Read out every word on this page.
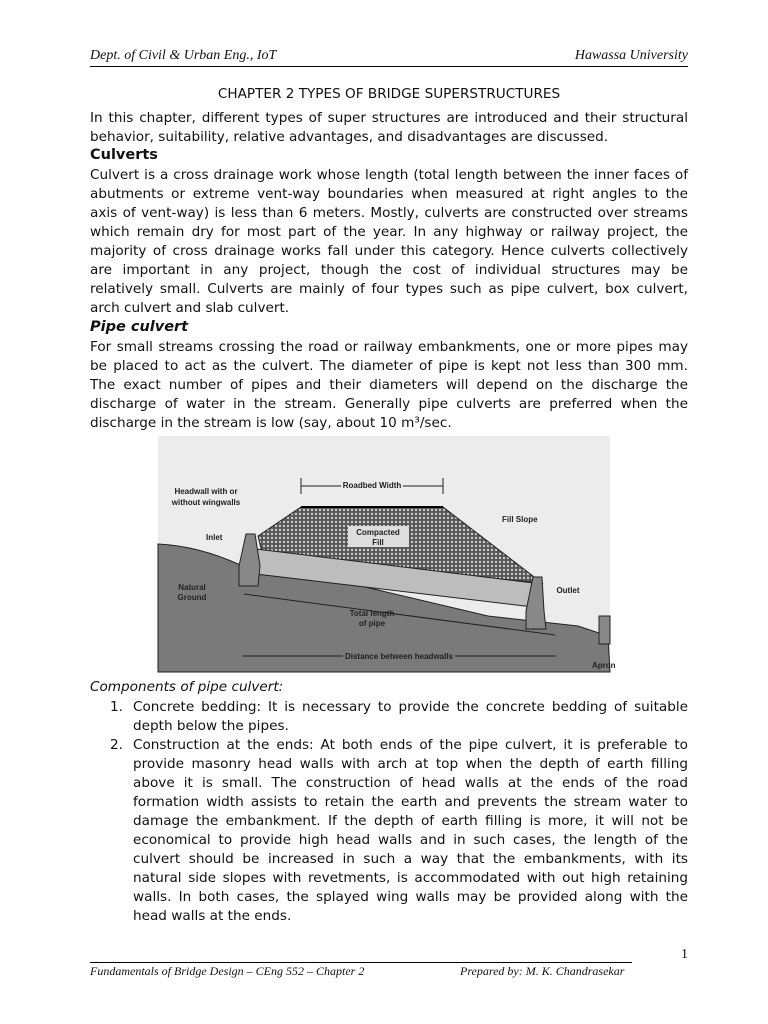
Dept. of Civil & Urban Eng., IoT	Hawassa University
CHAPTER 2 TYPES OF BRIDGE SUPERSTRUCTURES
In this chapter, different types of super structures are introduced and their structural
behavior, suitability, relative advantages, and disadvantages are discussed.
Culverts
Culvert is a cross drainage work whose length (total length between the inner faces of
abutments or extreme vent-way boundaries when measured at right angles to the
axis of vent-way) is less than 6 meters. Mostly, culverts are constructed over streams
which remain dry for most part of the year. In any highway or railway project, the
majority of cross drainage works fall under this category. Hence culverts collectively
are important in any project, though the cost of individual structures may be
relatively small. Culverts are mainly of four types such as pipe culvert, box culvert,
arch culvert and slab culvert.
Pipe culvert
For small streams crossing the road or railway embankments, one or more pipes may
be placed to act as the culvert. The diameter of pipe is kept not less than 300 mm.
The exact number of pipes and their diameters will depend on the discharge the
discharge of water in the stream. Generally pipe culverts are preferred when the
discharge in the stream is low (say, about 10 m³/sec.
Roadbed Width
Headwall with or
without wingwalls
Inlet
Compacted
Fill
Fill Slope
Natural
Ground
Outlet
Total length
of pipe
Distance between headwalls
Apron
Components of pipe culvert:
1. Concrete bedding: It is necessary to provide the concrete bedding of suitable
depth below the pipes.
2. Construction at the ends: At both ends of the pipe culvert, it is preferable to
provide masonry head walls with arch at top when the depth of earth filling
above it is small. The construction of head walls at the ends of the road
formation width assists to retain the earth and prevents the stream water to
damage the embankment. If the depth of earth filling is more, it will not be
economical to provide high head walls and in such cases, the length of the
culvert should be increased in such a way that the embankments, with its
natural side slopes with revetments, is accommodated with out high retaining
walls. In both cases, the splayed wing walls may be provided along with the
head walls at the ends.
1
Fundamentals of Bridge Design – CEng 552 – Chapter 2	Prepared by: M. K. Chandrasekar
